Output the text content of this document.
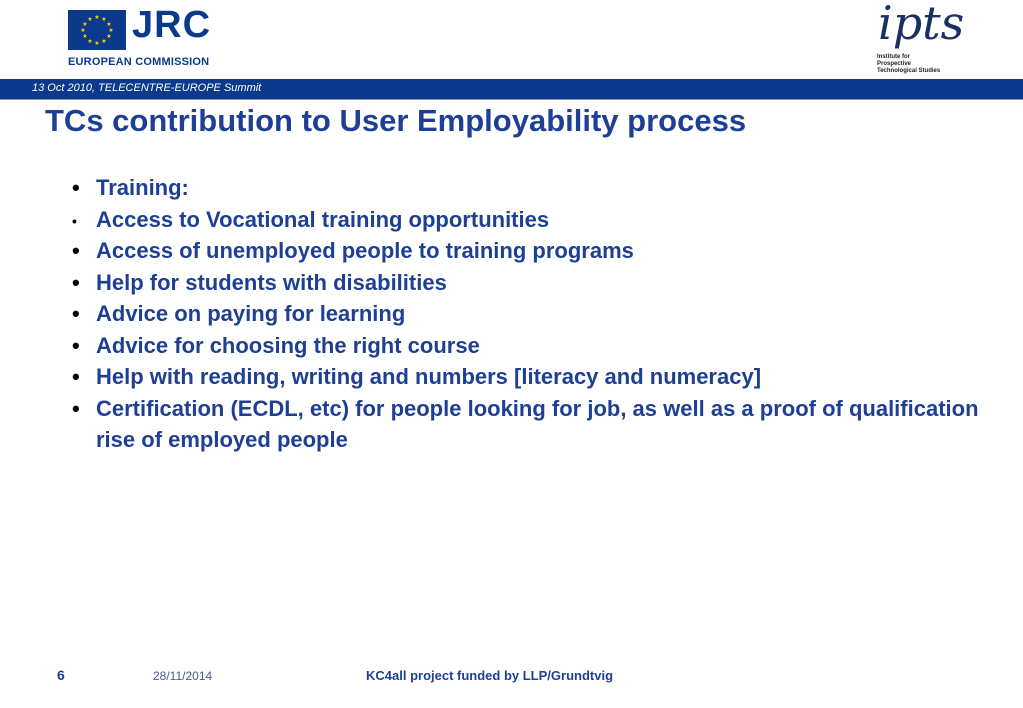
★ ★
★
★
★
★
★
★
★
★
★
★ JRC
EUROPEAN COMMISSION
ipts
Institute for
Prospective
Technological Studies
13 Oct 2010, TELECENTRE-EUROPE Summit
TCs contribution to User Employability process
• Training:
• Access to Vocational training opportunities
• Access of unemployed people to training programs
• Help for students with disabilities
• Advice on paying for learning
• Advice for choosing the right course
• Help with reading, writing and numbers [literacy and numeracy]
• Certification (ECDL, etc) for people looking for job, as well as a proof of qualification rise of employed people
6	28/11/2014	KC4all project funded by LLP/Grundtvig
